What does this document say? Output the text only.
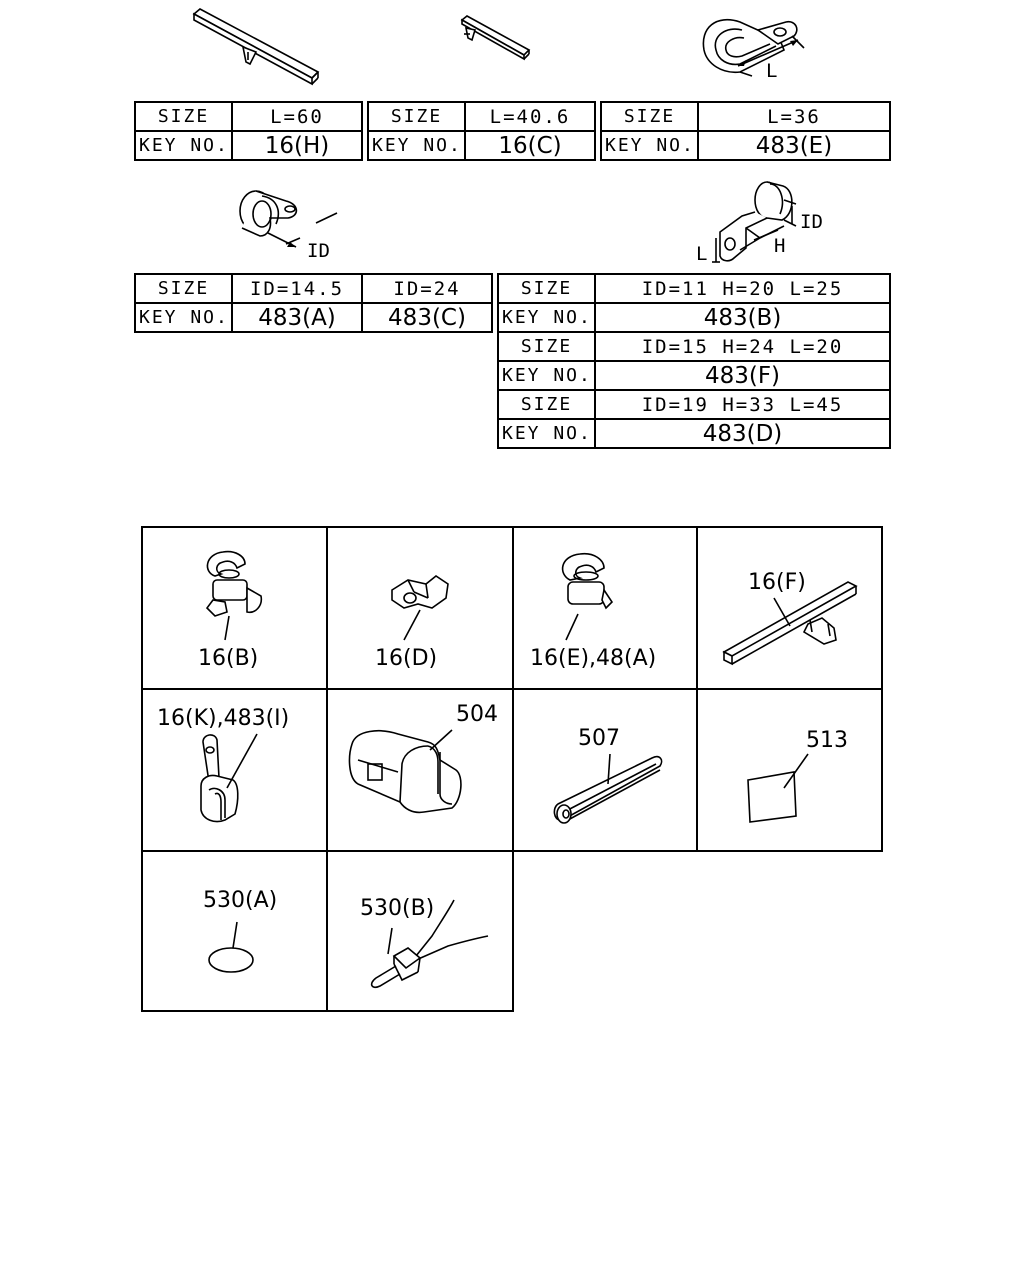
L
ID
ID
H
L
SIZE	L=60
KEY NO.	16(H)
SIZE	L=40.6
KEY NO.	16(C)
SIZE	L=36
KEY NO.	483(E)
SIZE	ID=14.5	ID=24
KEY NO.	483(A)	483(C)
SIZE	ID=11 H=20 L=25
KEY NO.	483(B)
SIZE	ID=15 H=24 L=20
KEY NO.	483(F)
SIZE	ID=19 H=33 L=45
KEY NO.	483(D)
16(B)	16(D)	16(E),48(A)
16(F)
16(K),483(I)	504
507	513
530(A)	530(B)
